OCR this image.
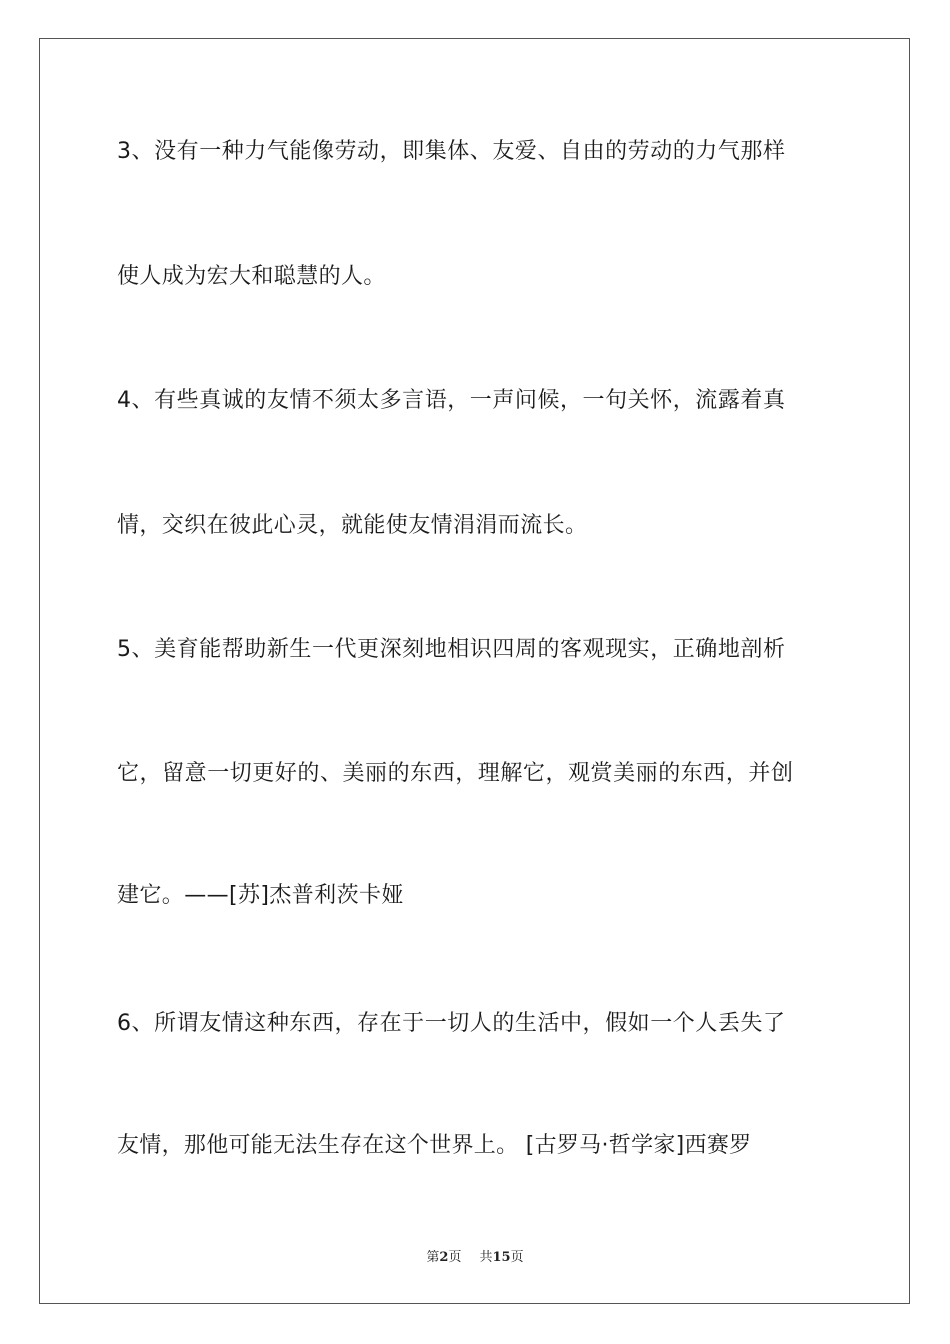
3、没有一种力气能像劳动，即集体、友爱、自由的劳动的力气那样
使人成为宏大和聪慧的人。
4、有些真诚的友情不须太多言语，一声问候，一句关怀，流露着真
情，交织在彼此心灵，就能使友情涓涓而流长。
5、美育能帮助新生一代更深刻地相识四周的客观现实，正确地剖析
它，留意一切更好的、美丽的东西，理解它，观赏美丽的东西，并创
建它。——[苏]杰普利茨卡娅
6、所谓友情这种东西，存在于一切人的生活中，假如一个人丢失了
友情，那他可能无法生存在这个世界上。 [古罗马·哲学家]西赛罗
第2页 共15页
